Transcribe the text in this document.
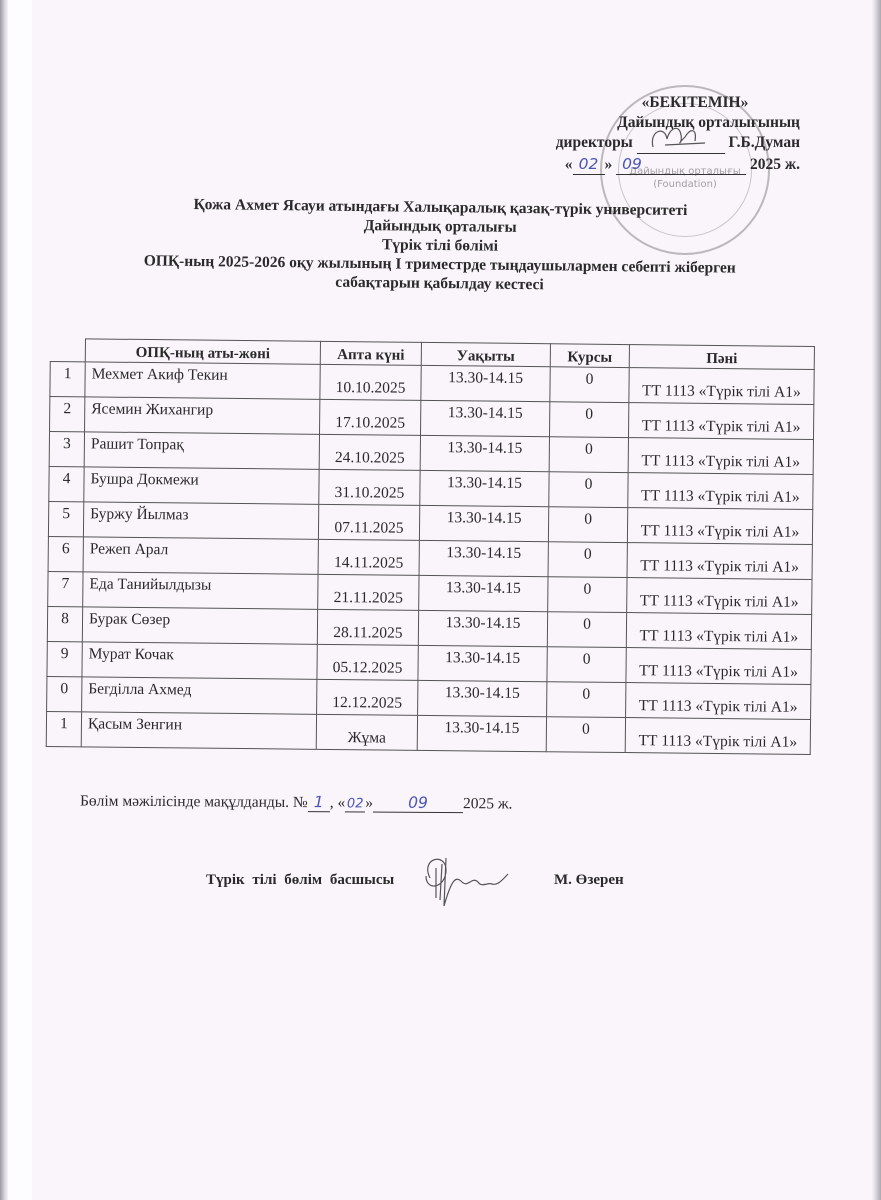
Дайындық орталығы
(Foundation)
«БЕКІТЕМІН»
Дайындық орталығының
директоры	Г.Б.Думан
« 02 » 09	2025 ж.
Қожа Ахмет Ясауи атындағы Халықаралық қазақ-түрік университеті
Дайындық орталығы
Түрік тілі бөлімі
ОПҚ-ның 2025-2026 оқу жылының І триместрде тыңдаушылармен себепті жіберген
сабақтарын қабылдау кестесі
	ОПҚ-ның аты-жөні	Апта күні	Уақыты	Курсы	Пәні
1	Мехмет Акиф Текин	10.10.2025	13.30-14.15	0	ТТ 1113 «Түрік тілі А1»
2	Ясемин Жихангир	17.10.2025	13.30-14.15	0	ТТ 1113 «Түрік тілі А1»
3	Рашит Топрақ	24.10.2025	13.30-14.15	0	ТТ 1113 «Түрік тілі А1»
4	Бушра Докмежи	31.10.2025	13.30-14.15	0	ТТ 1113 «Түрік тілі А1»
5	Буржу Йылмаз	07.11.2025	13.30-14.15	0	ТТ 1113 «Түрік тілі А1»
6	Режеп Арал	14.11.2025	13.30-14.15	0	ТТ 1113 «Түрік тілі А1»
7	Еда Танийылдызы	21.11.2025	13.30-14.15	0	ТТ 1113 «Түрік тілі А1»
8	Бурак Сөзер	28.11.2025	13.30-14.15	0	ТТ 1113 «Түрік тілі А1»
9	Мурат Кочак	05.12.2025	13.30-14.15	0	ТТ 1113 «Түрік тілі А1»
0	Бегділла Ахмед	12.12.2025	13.30-14.15	0	ТТ 1113 «Түрік тілі А1»
1	Қасым Зенгин	Жұма	13.30-14.15	0	ТТ 1113 «Түрік тілі А1»
Бөлім мәжілісінде мақұлданды. № 1 , « 02 » 09 2025 ж.
Түрік тілі бөлім басшысы	М. Өзерен
